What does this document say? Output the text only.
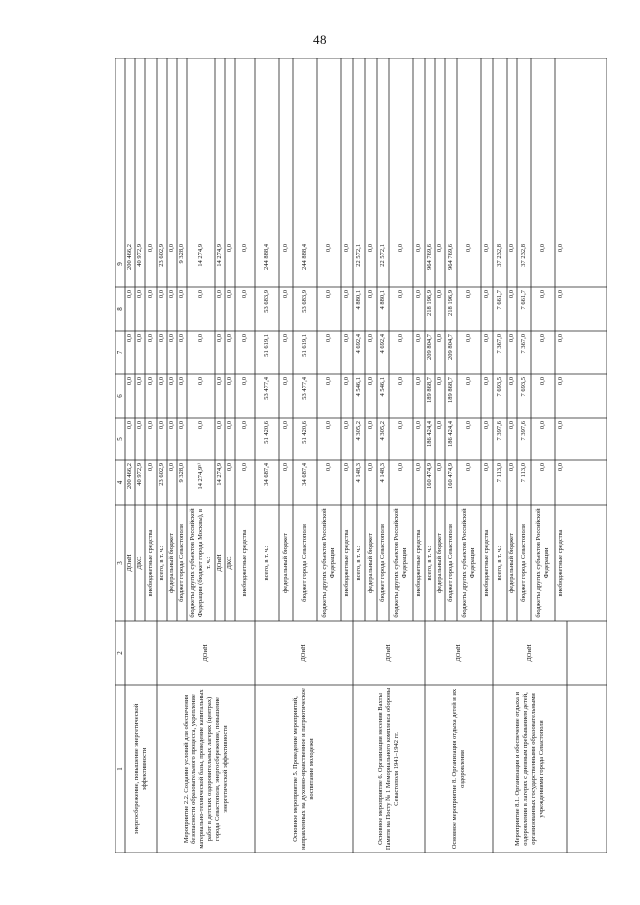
48
1
2
3
4
5
6
7
8
9
энергосбережение, повышение энергетической эффективности	Мероприятие 2.2. Создание условий для обеспечения безопасности образовательного процесса, укрепление материально-технической базы, проведение капитальных работ в детских оздоровительных лагерях (центрах) города Севастополя, энергосбережение, повышение энергетической эффективности
ДОиН
Основное мероприятие 5. Проведение мероприятий, направленных на духовно-нравственное и патриотическое воспитание молодежи
ДОиН
Основное мероприятие 6. Организация несения Вахты Памяти на Посту № 1 Мемориального комплекса обороны Севастополя 1941–1942 гг.
ДОиН
Основное мероприятие 8. Организация отдыха детей и их оздоровления
ДОиН
Мероприятие 8.1. Организация и обеспечение отдыха и оздоровления в лагерях с дневным пребыванием детей, организованных государственными образовательными учреждениями города Севастополя
ДОиН
ДОиН
200 466,2
0,0
0,0
0,0
0,0
200 466,2
ДКС
40 972,9
0,0
0,0
0,0
0,0
40 972,9
внебюджетные средства
0,0
0,0
0,0
0,0
0,0
0,0
всего, в т. ч.:
23 602,9
0,0
0,0
0,0
0,0
23 602,9
федеральный бюджет
0,0
0,0
0,0
0,0
0,0
0,0
бюджет города Севастополя
9 328,0
0,0
0,0
0,0
0,0
9 328,0
бюджеты других субъектов Российской Федерации (бюджет города Москвы), в т. ч.:
14 274,9⁵⁾
0,0
0,0
0,0
0,0
14 274,9
ДОиН
14 274,9
0,0
0,0
0,0
0,0
14 274,9
ДКС
0,0
0,0
0,0
0,0
0,0
0,0
внебюджетные средства
0,0
0,0
0,0
0,0
0,0
0,0
всего, в т. ч.:
34 687,4
51 420,6
53 477,4
51 619,1
53 683,9
244 888,4
федеральный бюджет
0,0
0,0
0,0
0,0
0,0
0,0
бюджет города Севастополя
34 687,4
51 420,6
53 477,4
51 619,1
53 683,9
244 888,4
бюджеты других субъектов Российской Федерации
0,0
0,0
0,0
0,0
0,0
0,0
внебюджетные средства
0,0
0,0
0,0
0,0
0,0
0,0
всего, в т. ч.:
4 148,3
4 305,2
4 546,1
4 692,4
4 880,1
22 572,1
федеральный бюджет
0,0
0,0
0,0
0,0
0,0
0,0
бюджет города Севастополя
4 148,3
4 305,2
4 546,1
4 692,4
4 880,1
22 572,1
бюджеты других субъектов Российской Федерации
0,0
0,0
0,0
0,0
0,0
0,0
внебюджетные средства
0,0
0,0
0,0
0,0
0,0
0,0
всего, в т. ч.:
160 474,9
186 424,4
189 868,7
209 804,7
218 196,9
964 769,6
федеральный бюджет
0,0
0,0
0,0
0,0
0,0
0,0
бюджет города Севастополя
160 474,9
186 424,4
189 868,7
209 804,7
218 196,9
964 769,6
бюджеты других субъектов Российской Федерации
0,0
0,0
0,0
0,0
0,0
0,0
внебюджетные средства
0,0
0,0
0,0
0,0
0,0
0,0
всего, в т. ч.:
7 113,0
7 397,6
7 693,5
7 367,0
7 661,7
37 232,8
федеральный бюджет
0,0
0,0
0,0
0,0
0,0
0,0
бюджет города Севастополя
7 113,0
7 397,6
7 693,5
7 367,0
7 661,7
37 232,8
бюджеты других субъектов Российской Федерации
0,0
0,0
0,0
0,0
0,0
0,0
внебюджетные средства
0,0
0,0
0,0
0,0
0,0
0,0
